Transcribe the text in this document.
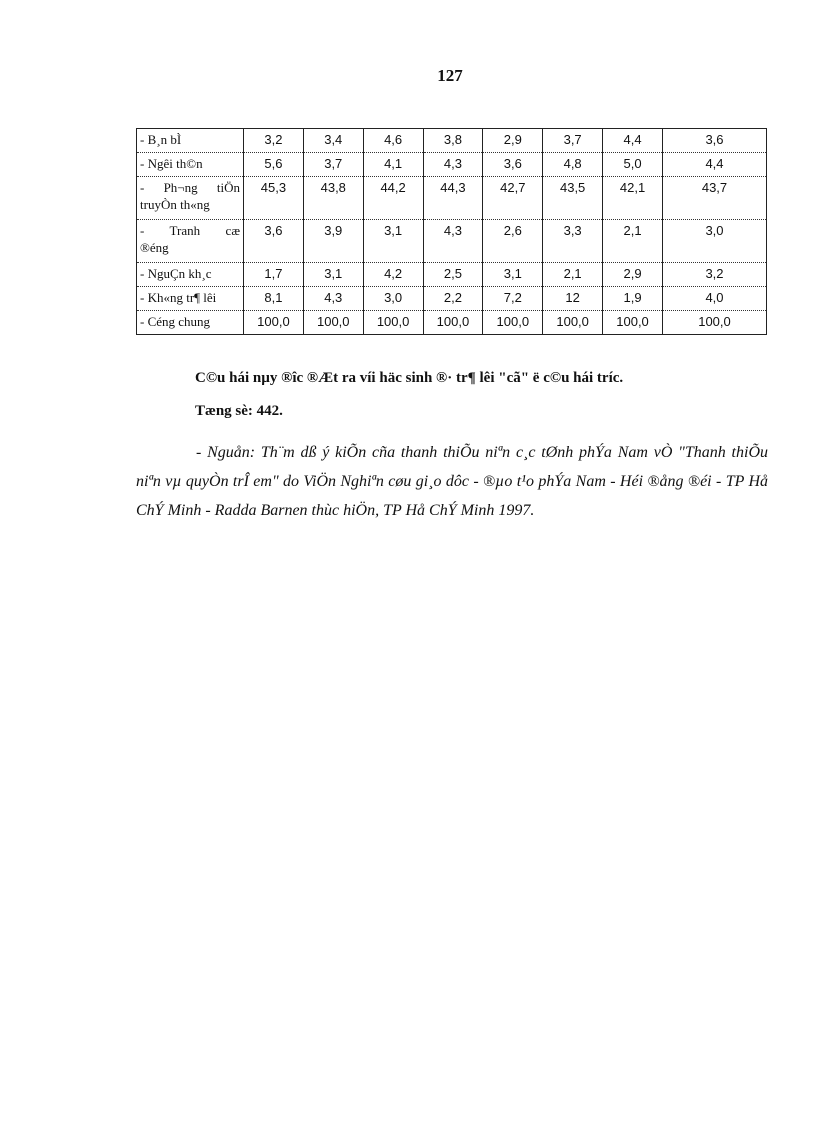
127
- B¸n bÌ	3,2	3,4	4,6	3,8	2,9	3,7	4,4	3,6
- Ngêi th©n	5,6	3,7	4,1	4,3	3,6	4,8	5,0	4,4
- Ph¬ng tiÖn
truyÒn th«ng	45,3	43,8	44,2	44,3	42,7	43,5	42,1	43,7
- Tranh cæ
®éng	3,6	3,9	3,1	4,3	2,6	3,3	2,1	3,0
- NguÇn kh¸c	1,7	3,1	4,2	2,5	3,1	2,1	2,9	3,2
- Kh«ng tr¶ lêi	8,1	4,3	3,0	2,2	7,2	12	1,9	4,0
- Céng chung	100,0	100,0	100,0	100,0	100,0	100,0	100,0	100,0
C©u hái nµy ®îc ®Æt ra víi häc sinh ®· tr¶ lêi "cã" ë c©u hái tríc.
Tæng sè: 442.
- Nguån: Th¨m dß ý kiÕn cña thanh thiÕu niªn c¸c tØnh phÝa Nam vÒ "Thanh thiÕu niªn vµ quyÒn trÎ em" do ViÖn Nghiªn cøu gi¸o dôc - ®µo t¹o phÝa Nam - Héi ®ång ®éi - TP Hå ChÝ Minh - Radda Barnen thùc hiÖn, TP Hå ChÝ Minh 1997.
